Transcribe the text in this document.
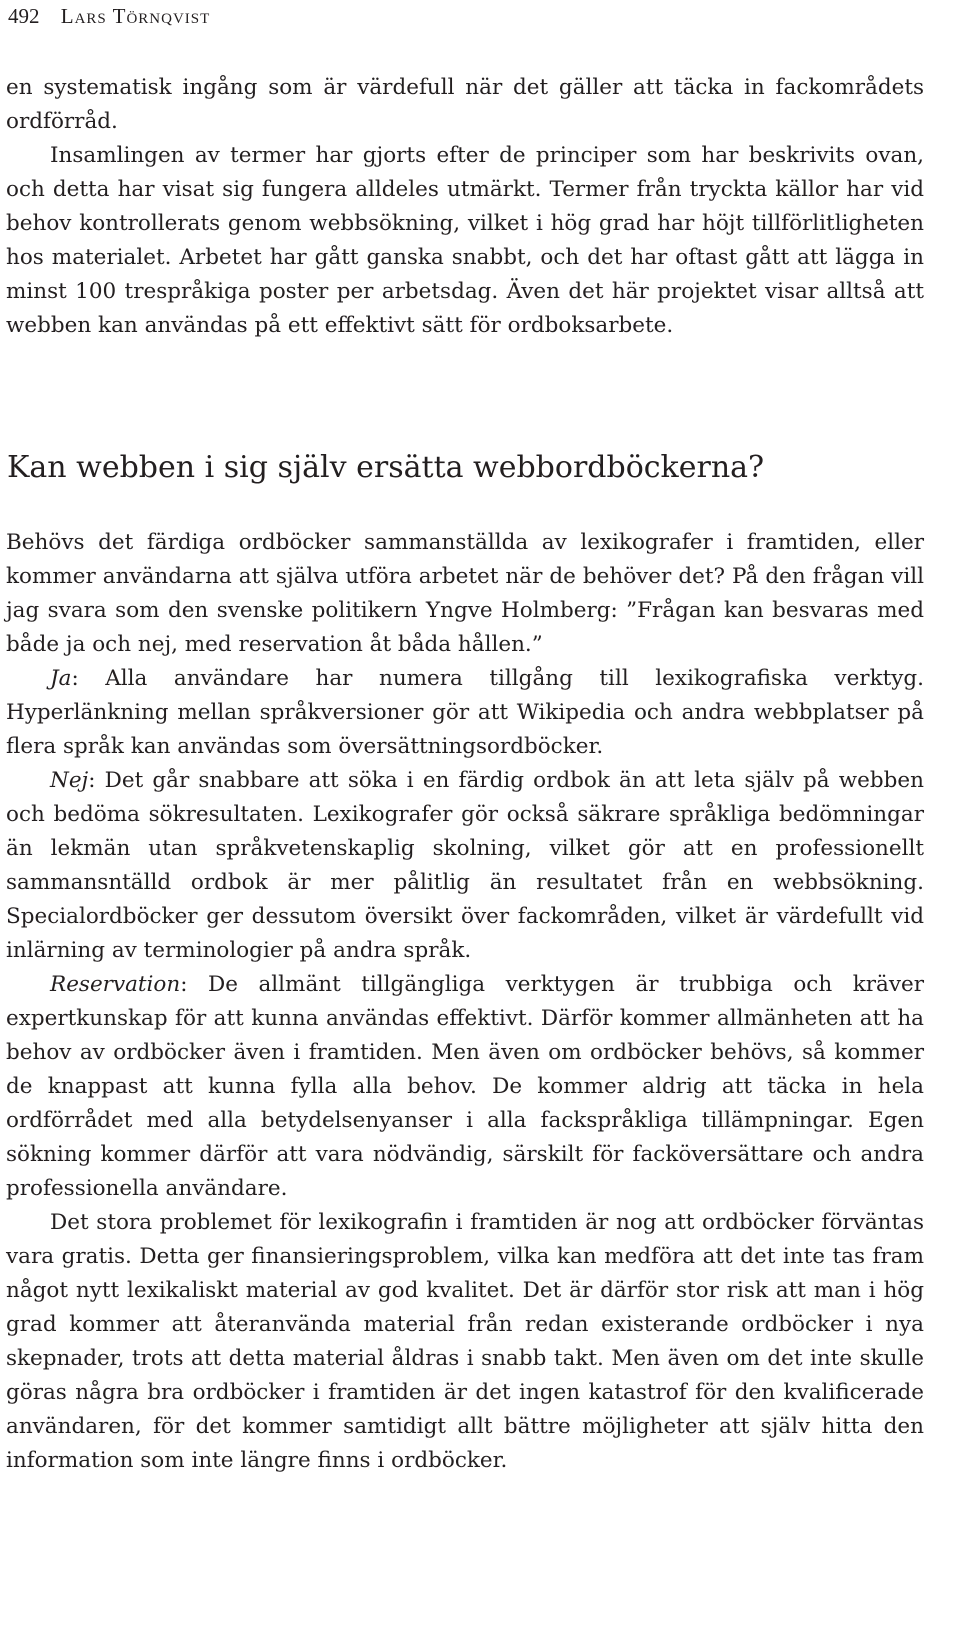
492 Lars Törnqvist

en systematisk ingång som är värdefull när det gäller att täcka in fackområdets ordförråd.

Insamlingen av termer har gjorts efter de principer som har beskrivits ovan, och detta har visat sig fungera alldeles utmärkt. Termer från tryckta källor har vid behov kontrollerats genom webbsökning, vilket i hög grad har höjt tillförlitligheten hos materialet. Arbetet har gått ganska snabbt, och det har oftast gått att lägga in minst 100 trespråkiga poster per arbetsdag. Även det här projektet visar alltså att webben kan användas på ett effektivt sätt för ordboksarbete.

Kan webben i sig själv ersätta webbordböckerna?

Behövs det färdiga ordböcker sammanställda av lexikografer i framtiden, eller kommer användarna att själva utföra arbetet när de behöver det? På den frågan vill jag svara som den svenske politikern Yngve Holmberg: ”Frågan kan besvaras med både ja och nej, med reservation åt båda hållen.”

Ja: Alla användare har numera tillgång till lexikografiska verktyg. Hyperlänkning mellan språkversioner gör att Wikipedia och andra webbplatser på flera språk kan användas som översättningsordböcker.

Nej: Det går snabbare att söka i en färdig ordbok än att leta själv på webben och bedöma sökresultaten. Lexikografer gör också säkrare språkliga bedömningar än lekmän utan språkvetenskaplig skolning, vilket gör att en professionellt sammansntälld ordbok är mer pålitlig än resultatet från en webbsökning. Specialordböcker ger dessutom översikt över fackområden, vilket är värdefullt vid inlärning av terminologier på andra språk.

Reservation: De allmänt tillgängliga verktygen är trubbiga och kräver expertkunskap för att kunna användas effektivt. Därför kommer allmänheten att ha behov av ordböcker även i framtiden. Men även om ordböcker behövs, så kommer de knappast att kunna fylla alla behov. De kommer aldrig att täcka in hela ordförrådet med alla betydelsenyanser i alla fackspråkliga tillämpningar. Egen sökning kommer därför att vara nödvändig, särskilt för facköversättare och andra professionella användare.

Det stora problemet för lexikografin i framtiden är nog att ordböcker förväntas vara gratis. Detta ger finansieringsproblem, vilka kan medföra att det inte tas fram något nytt lexikaliskt material av god kvalitet. Det är därför stor risk att man i hög grad kommer att återanvända material från redan existerande ordböcker i nya skepnader, trots att detta material åldras i snabb takt. Men även om det inte skulle göras några bra ordböcker i framtiden är det ingen katastrof för den kvalificerade användaren, för det kommer samtidigt allt bättre möjligheter att själv hitta den information som inte längre finns i ordböcker.
